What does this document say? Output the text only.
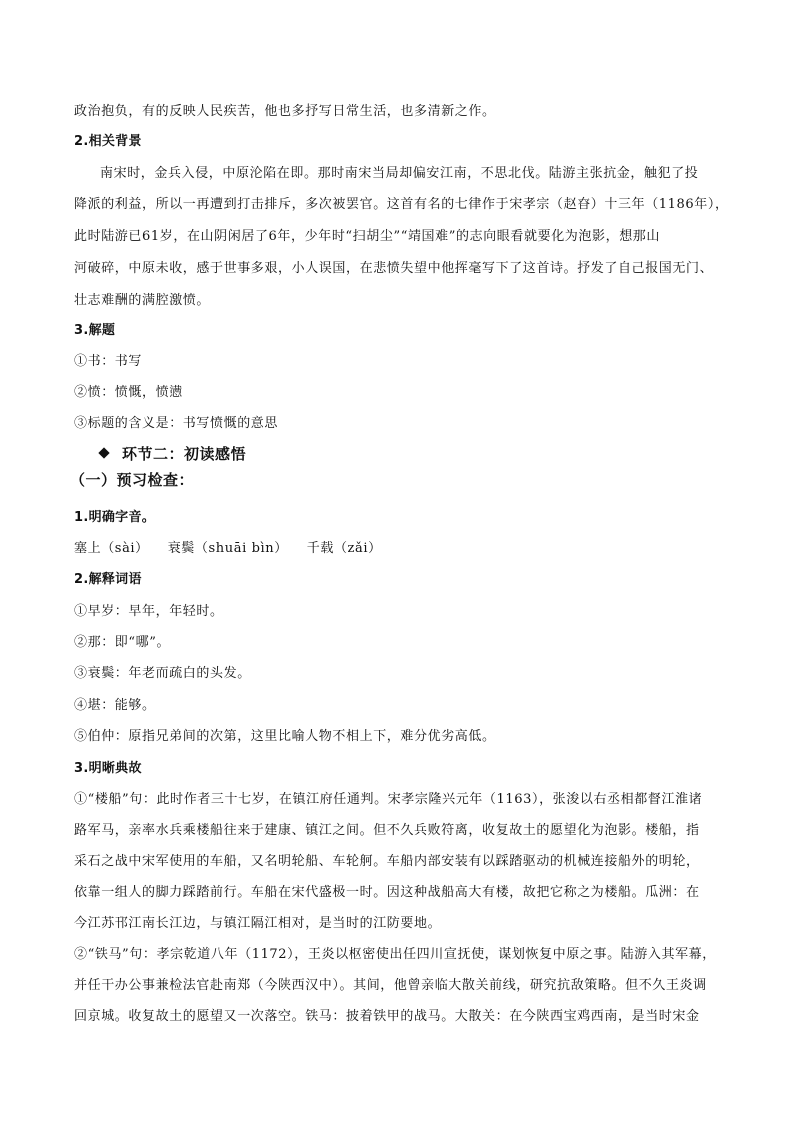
政治抱负，有的反映人民疾苦，他也多抒写日常生活，也多清新之作。
2.相关背景
南宋时，金兵入侵，中原沦陷在即。那时南宋当局却偏安江南，不思北伐。陆游主张抗金，触犯了投
降派的利益，所以一再遭到打击排斥，多次被罢官。这首有名的七律作于宋孝宗（赵昚）十三年（1186年），
此时陆游已61岁，在山阴闲居了6年，少年时“扫胡尘”“靖国难”的志向眼看就要化为泡影，想那山
河破碎，中原未收，感于世事多艰，小人误国，在悲愤失望中他挥毫写下了这首诗。抒发了自己报国无门、
壮志难酬的满腔激愤。
3.解题
①书：书写
②愤：愤慨，愤懑
③标题的含义是：书写愤慨的意思
环节二：初读感悟
（一）预习检查：
1.明确字音。
塞上（sài）    衰鬓（shuāi bìn）    千载（zǎi）
2.解释词语
①早岁：早年，年轻时。
②那：即“哪”。
③衰鬓：年老而疏白的头发。
④堪：能够。
⑤伯仲：原指兄弟间的次第，这里比喻人物不相上下，难分优劣高低。
3.明晰典故
①“楼船”句：此时作者三十七岁，在镇江府任通判。宋孝宗隆兴元年（1163），张浚以右丞相都督江淮诸
路军马，亲率水兵乘楼船往来于建康、镇江之间。但不久兵败符离，收复故土的愿望化为泡影。楼船，指
采石之战中宋军使用的车船，又名明轮船、车轮舸。车船内部安装有以踩踏驱动的机械连接船外的明轮，
依靠一组人的脚力踩踏前行。车船在宋代盛极一时。因这种战船高大有楼，故把它称之为楼船。瓜洲：在
今江苏邗江南长江边，与镇江隔江相对，是当时的江防要地。
②“铁马”句：孝宗乾道八年（1172），王炎以枢密使出任四川宣抚使，谋划恢复中原之事。陆游入其军幕，
并任干办公事兼检法官赴南郑（今陕西汉中）。其间，他曾亲临大散关前线，研究抗敌策略。但不久王炎调
回京城。收复故土的愿望又一次落空。铁马：披着铁甲的战马。大散关：在今陕西宝鸡西南，是当时宋金
